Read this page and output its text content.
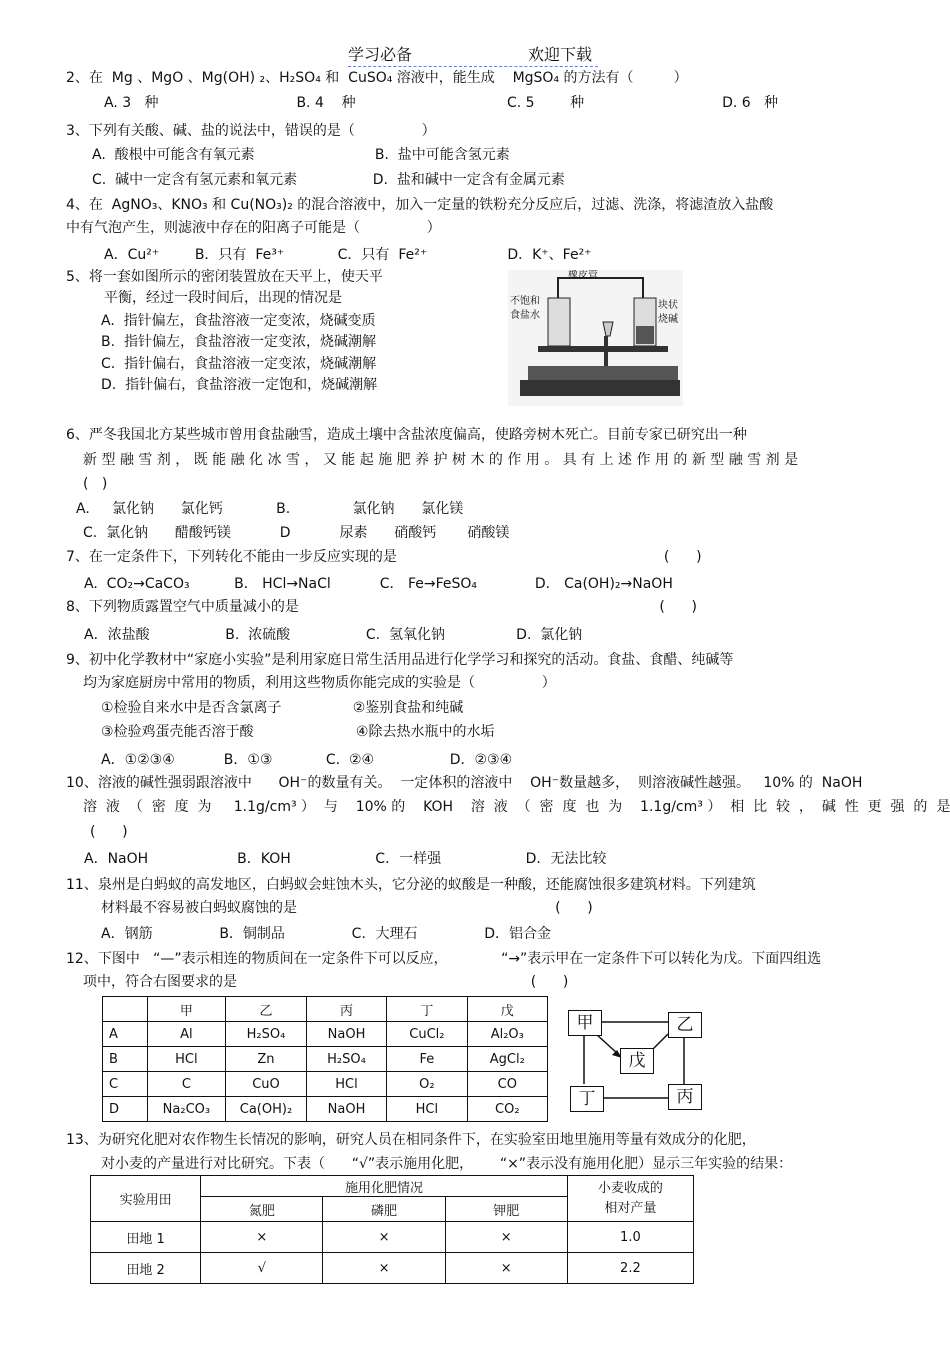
学习必备	欢迎下载
2、在  Mg 、MgO 、Mg(OH) ₂、H₂SO₄ 和  CuSO₄ 溶液中，能生成    MgSO₄ 的方法有（         ）
A. 3   种                               B. 4    种                                  C. 5        种                               D. 6   种
3、下列有关酸、碱、盐的说法中，错误的是（               ）
A.  酸根中可能含有氧元素                           B.  盐中可能含氢元素
C.  碱中一定含有氢元素和氧元素                 D.  盐和碱中一定含有金属元素
4、在  AgNO₃、KNO₃ 和 Cu(NO₃)₂ 的混合溶液中，加入一定量的铁粉充分反应后，过滤、洗涤，将滤渣放入盐酸
中有气泡产生，则滤液中存在的阳离子可能是（               ）
A．Cu²⁺        B．只有  Fe³⁺            C．只有  Fe²⁺                  D．K⁺、Fe²⁺
5、将一套如图所示的密闭装置放在天平上，使天平
平衡，经过一段时间后，出现的情况是
A.  指针偏左，食盐溶液一定变浓，烧碱变质
B.  指针偏左，食盐溶液一定变浓，烧碱潮解
C.  指针偏右，食盐溶液一定变浓，烧碱潮解
D.  指针偏右，食盐溶液一定饱和，烧碱潮解
6、严冬我国北方某些城市曾用食盐融雪，造成土壤中含盐浓度偏高，使路旁树木死亡。目前专家已研究出一种
新 型 融 雪 剂 ， 既 能 融 化 冰 雪 ， 又 能 起 施 肥 养 护 树 木 的 作 用 。 具 有 上 述 作 用 的 新 型 融 雪 剂 是
(   )
A.     氯化钠      氯化钙            B.              氯化钠      氯化镁
C.  氯化钠      醋酸钙镁           D           尿素      硝酸钙       硝酸镁
7、在一定条件下，下列转化不能由一步反应实现的是                                                            (      )
A.  CO₂→CaCO₃          B． HCl→NaCl           C． Fe→FeSO₄             D． Ca(OH)₂→NaOH
8、下列物质露置空气中质量减小的是                                                                                 (      )
A．浓盐酸                 B.  浓硫酸                 C.  氢氧化钠                D.  氯化钠
9、初中化学教材中“家庭小实验”是利用家庭日常生活用品进行化学学习和探究的活动。食盐、食醋、纯碱等
均为家庭厨房中常用的物质，利用这些物质你能完成的实验是（               ）
①检验自来水中是否含氯离子                ②鉴别食盐和纯碱
③检验鸡蛋壳能否溶于酸                       ④除去热水瓶中的水垢
A．①②③④           B．①③            C.  ②④                 D．②③④
10、溶液的碱性强弱跟溶液中      OH⁻的数量有关。  一定体积的溶液中    OH⁻数量越多，  则溶液碱性越强。   10% 的  NaOH
溶  液  （  密  度  为     1.1g/cm³ ）  与    10% 的    KOH    溶  液  （  密  度  也  为    1.1g/cm³ ）  相  比  较  ，  碱  性  更  强  的  是
(      )
A．NaOH                    B．KOH                   C．一样强                   D．无法比较
11、泉州是白蚂蚁的高发地区，白蚂蚁会蛀蚀木头，它分泌的蚁酸是一种酸，还能腐蚀很多建筑材料。下列建筑
材料最不容易被白蚂蚁腐蚀的是                                                          (      )
A．钢筋               B．铜制品               C．大理石               D．铝合金
12、下图中   “—”表示相连的物质间在一定条件下可以反应，            “→”表示甲在一定条件下可以转化为戊。下面四组选
项中，符合右图要求的是                                                                  (      )
13、为研究化肥对农作物生长情况的影响，研究人员在相同条件下，在实验室田地里施用等量有效成分的化肥，
对小麦的产量进行对比研究。下表（      “√”表示施用化肥，      “×”表示没有施用化肥）显示三年实验的结果：
橡皮管
不饱和
食盐水
块状
烧碱
	甲	乙	丙	丁	戊
A	Al	H₂SO₄	NaOH	CuCl₂	Al₂O₃
B	HCl	Zn	H₂SO₄	Fe	AgCl₂
C	C	CuO	HCl	O₂	CO
D	Na₂CO₃	Ca(OH)₂	NaOH	HCl	CO₂
甲	乙
戊
丁	丙
实验用田	施用化肥情况			小麦收成的
相对产量
	氮肥	磷肥	钾肥	
田地 1	×	×	×	1.0
田地 2	√	×	×	2.2
